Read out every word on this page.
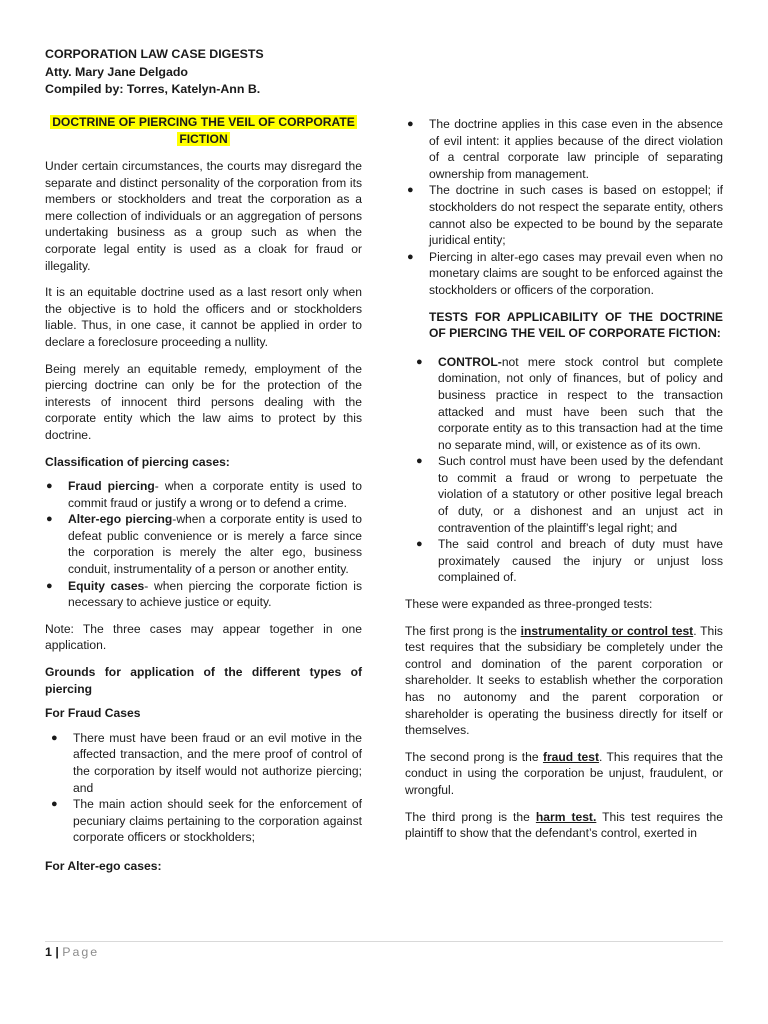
CORPORATION LAW CASE DIGESTS
Atty. Mary Jane Delgado
Compiled by: Torres, Katelyn-Ann B.
DOCTRINE OF PIERCING THE VEIL OF CORPORATE
FICTION

Under certain circumstances, the courts may disregard the separate and distinct personality of the corporation from its members or stockholders and treat the corporation as a mere collection of individuals or an aggregation of persons undertaking business as a group such as when the corporate legal entity is used as a cloak for fraud or illegality.

It is an equitable doctrine used as a last resort only when the objective is to hold the officers and or stockholders liable. Thus, in one case, it cannot be applied in order to declare a foreclosure proceeding a nullity.

Being merely an equitable remedy, employment of the piercing doctrine can only be for the protection of the interests of innocent third persons dealing with the corporate entity which the law aims to protect by this doctrine.

Classification of piercing cases:
● Fraud piercing- when a corporate entity is used to commit fraud or justify a wrong or to defend a crime.
● Alter-ego piercing-when a corporate entity is used to defeat public convenience or is merely a farce since the corporation is merely the alter ego, business conduit, instrumentality of a person or another entity.
● Equity cases- when piercing the corporate fiction is necessary to achieve justice or equity.

Note: The three cases may appear together in one application.

Grounds for application of the different types of piercing
For Fraud Cases
● There must have been fraud or an evil motive in the affected transaction, and the mere proof of control of the corporation by itself would not authorize piercing; and
● The main action should seek for the enforcement of pecuniary claims pertaining to the corporation against corporate officers or stockholders;
For Alter-ego cases:
● The doctrine applies in this case even in the absence of evil intent: it applies because of the direct violation of a central corporate law principle of separating ownership from management.
● The doctrine in such cases is based on estoppel; if stockholders do not respect the separate entity, others cannot also be expected to be bound by the separate juridical entity;
● Piercing in alter-ego cases may prevail even when no monetary claims are sought to be enforced against the stockholders or officers of the corporation.
TESTS FOR APPLICABILITY OF THE DOCTRINE OF PIERCING THE VEIL OF CORPORATE FICTION:
● CONTROL-not mere stock control but complete domination, not only of finances, but of policy and business practice in respect to the transaction attacked and must have been such that the corporate entity as to this transaction had at the time no separate mind, will, or existence as of its own.
● Such control must have been used by the defendant to commit a fraud or wrong to perpetuate the violation of a statutory or other positive legal breach of duty, or a dishonest and an unjust act in contravention of the plaintiff’s legal right; and
● The said control and breach of duty must have proximately caused the injury or unjust loss complained of.

These were expanded as three-pronged tests:

The first prong is the instrumentality or control test. This test requires that the subsidiary be completely under the control and domination of the parent corporation or shareholder. It seeks to establish whether the corporation has no autonomy and the parent corporation or shareholder is operating the business directly for itself or themselves.

The second prong is the fraud test. This requires that the conduct in using the corporation be unjust, fraudulent, or wrongful.

The third prong is the harm test. This test requires the plaintiff to show that the defendant’s control, exerted in

1 | Page
